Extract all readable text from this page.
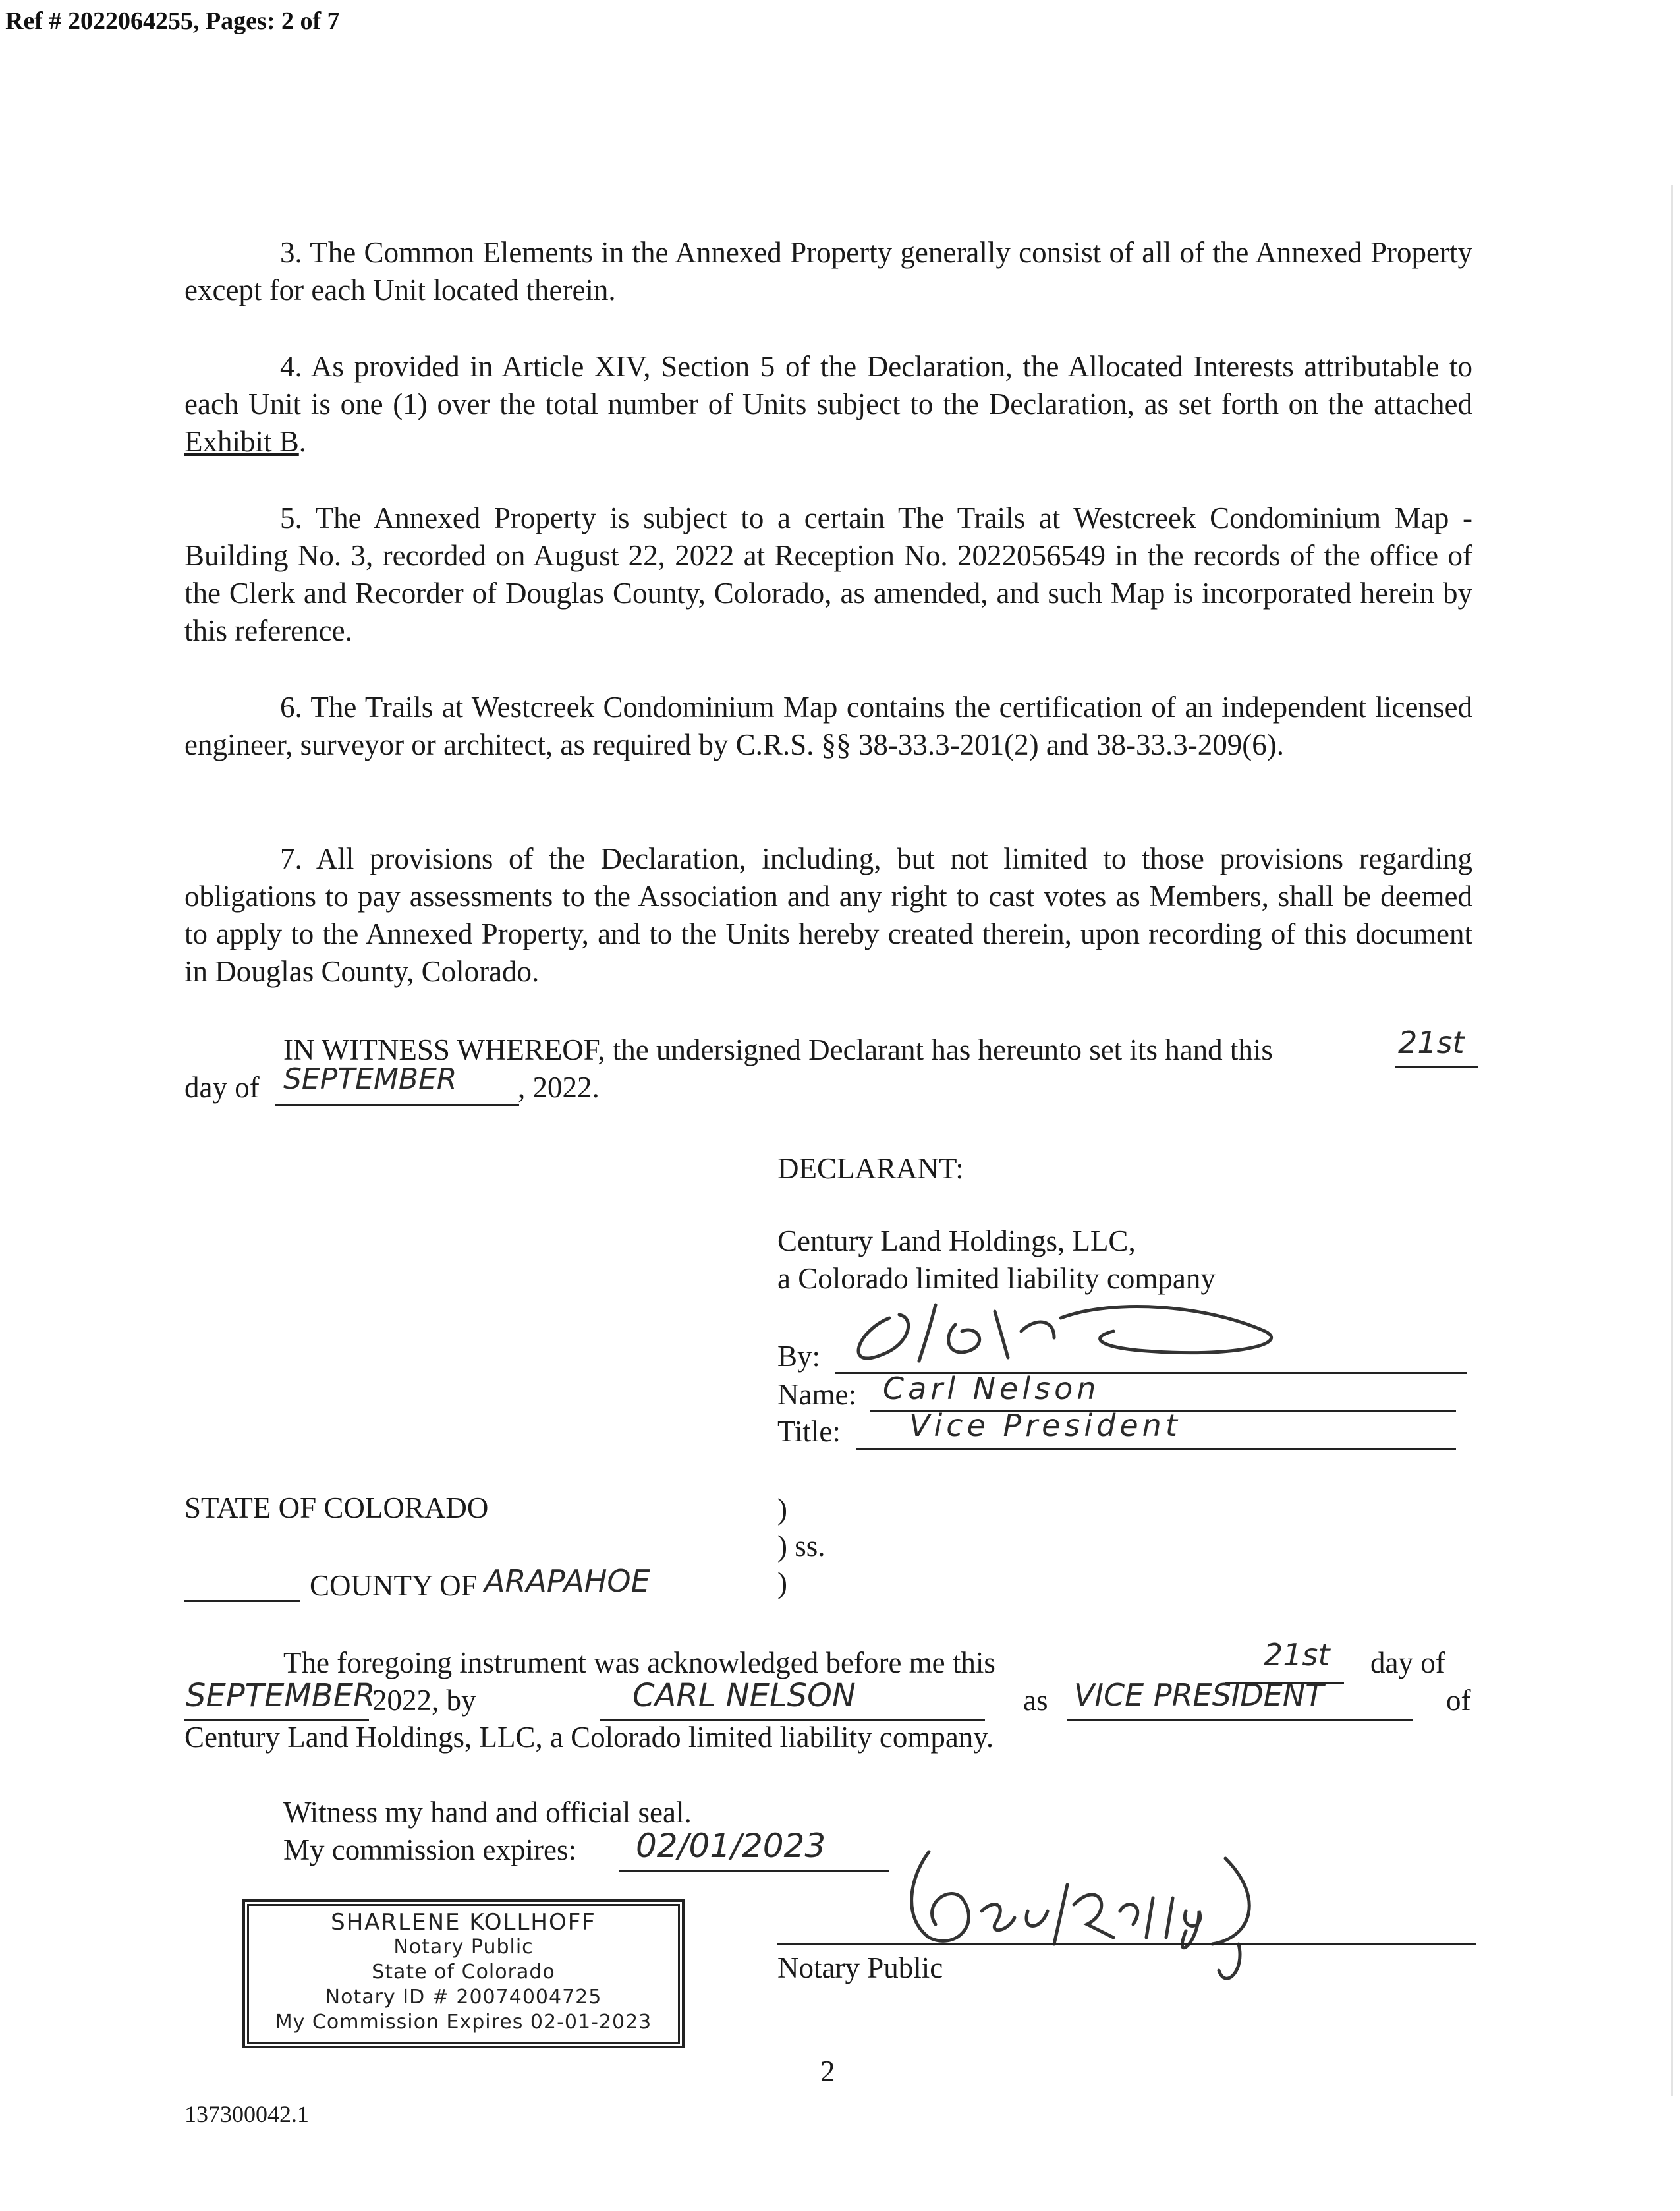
Ref # 2022064255, Pages: 2 of 7
3. The Common Elements in the Annexed Property generally consist of all of the Annexed Property except for each Unit located therein.
4. As provided in Article XIV, Section 5 of the Declaration, the Allocated Interests attributable to each Unit is one (1) over the total number of Units subject to the Declaration, as set forth on the attached Exhibit B.
5. The Annexed Property is subject to a certain The Trails at Westcreek Condominium Map - Building No. 3, recorded on August 22, 2022 at Reception No. 2022056549 in the records of the office of the Clerk and Recorder of Douglas County, Colorado, as amended, and such Map is incorporated herein by this reference.
6. The Trails at Westcreek Condominium Map contains the certification of an independent licensed engineer, surveyor or architect, as required by C.R.S. §§ 38-33.3-201(2) and 38-33.3-209(6).
7. All provisions of the Declaration, including, but not limited to those provisions regarding obligations to pay assessments to the Association and any right to cast votes as Members, shall be deemed to apply to the Annexed Property, and to the Units hereby created therein, upon recording of this document in Douglas County, Colorado.
IN WITNESS WHEREOF, the undersigned Declarant has hereunto set its hand this	21st
day of SEPTEMBER , 2022.
DECLARANT:
Century Land Holdings, LLC,
a Colorado limited liability company
By:
Name: Carl Nelson
Title: Vice President
STATE OF COLORADO	)
) ss.
COUNTY OF ARAPAHOE	)
The foregoing instrument was acknowledged before me this	21st day of
SEPTEMBER
2022, by	CARL NELSON	as VICE PRESIDENT	of
Century Land Holdings, LLC, a Colorado limited liability company.
Witness my hand and official seal.
My commission expires: 02/01/2023
Notary Public
SHARLENE KOLLHOFF
Notary Public
State of Colorado
Notary ID # 20074004725
My Commission Expires 02-01-2023
2
137300042.1
